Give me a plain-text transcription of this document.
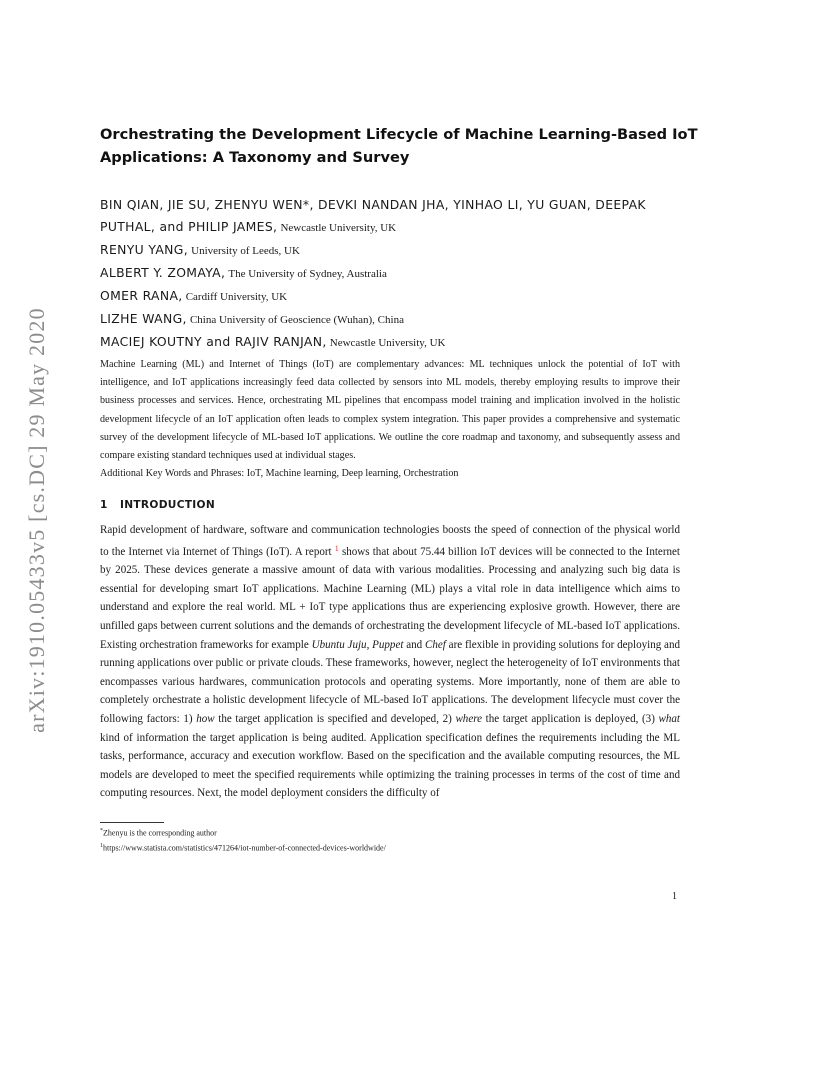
arXiv:1910.05433v5 [cs.DC] 29 May 2020
Orchestrating the Development Lifecycle of Machine Learning-Based IoT Applications: A Taxonomy and Survey
BIN QIAN, JIE SU, ZHENYU WEN*, DEVKI NANDAN JHA, YINHAO LI, YU GUAN, DEEPAK
PUTHAL, and PHILIP JAMES, Newcastle University, UK
RENYU YANG, University of Leeds, UK
ALBERT Y. ZOMAYA, The University of Sydney, Australia
OMER RANA, Cardiff University, UK
LIZHE WANG, China University of Geoscience (Wuhan), China
MACIEJ KOUTNY and RAJIV RANJAN, Newcastle University, UK

Machine Learning (ML) and Internet of Things (IoT) are complementary advances: ML techniques unlock the potential of IoT with intelligence, and IoT applications increasingly feed data collected by sensors into ML models, thereby employing results to improve their business processes and services. Hence, orchestrating ML pipelines that encompass model training and implication involved in the holistic development lifecycle of an IoT application often leads to complex system integration. This paper provides a comprehensive and systematic survey of the development lifecycle of ML-based IoT applications. We outline the core roadmap and taxonomy, and subsequently assess and compare existing standard techniques used at individual stages.

Additional Key Words and Phrases: IoT, Machine learning, Deep learning, Orchestration

1 INTRODUCTION

Rapid development of hardware, software and communication technologies boosts the speed of connection of the physical world to the Internet via Internet of Things (IoT). A report $^1$ shows that about 75.44 billion IoT devices will be connected to the Internet by 2025. These devices generate a massive amount of data with various modalities. Processing and analyzing such big data is essential for developing smart IoT applications. Machine Learning (ML) plays a vital role in data intelligence which aims to understand and explore the real world. ML + IoT type applications thus are experiencing explosive growth. However, there are unfilled gaps between current solutions and the demands of orchestrating the development lifecycle of ML-based IoT applications. Existing orchestration frameworks for example Ubuntu Juju, Puppet and Chef are flexible in providing solutions for deploying and running applications over public or private clouds. These frameworks, however, neglect the heterogeneity of IoT environments that encompasses various hardwares, communication protocols and operating systems. More importantly, none of them are able to completely orchestrate a holistic development lifecycle of ML-based IoT applications. The development lifecycle must cover the following factors: 1) how the target application is specified and developed, 2) where the target application is deployed, (3) what kind of information the target application is being audited. Application specification defines the requirements including the ML tasks, performance, accuracy and execution workflow. Based on the specification and the available computing resources, the ML models are developed to meet the specified requirements while optimizing the training processes in terms of the cost of time and computing resources. Next, the model deployment considers the difficulty of

*Zhenyu is the corresponding author
$^1$https://www.statista.com/statistics/471264/iot-number-of-connected-devices-worldwide/
1
